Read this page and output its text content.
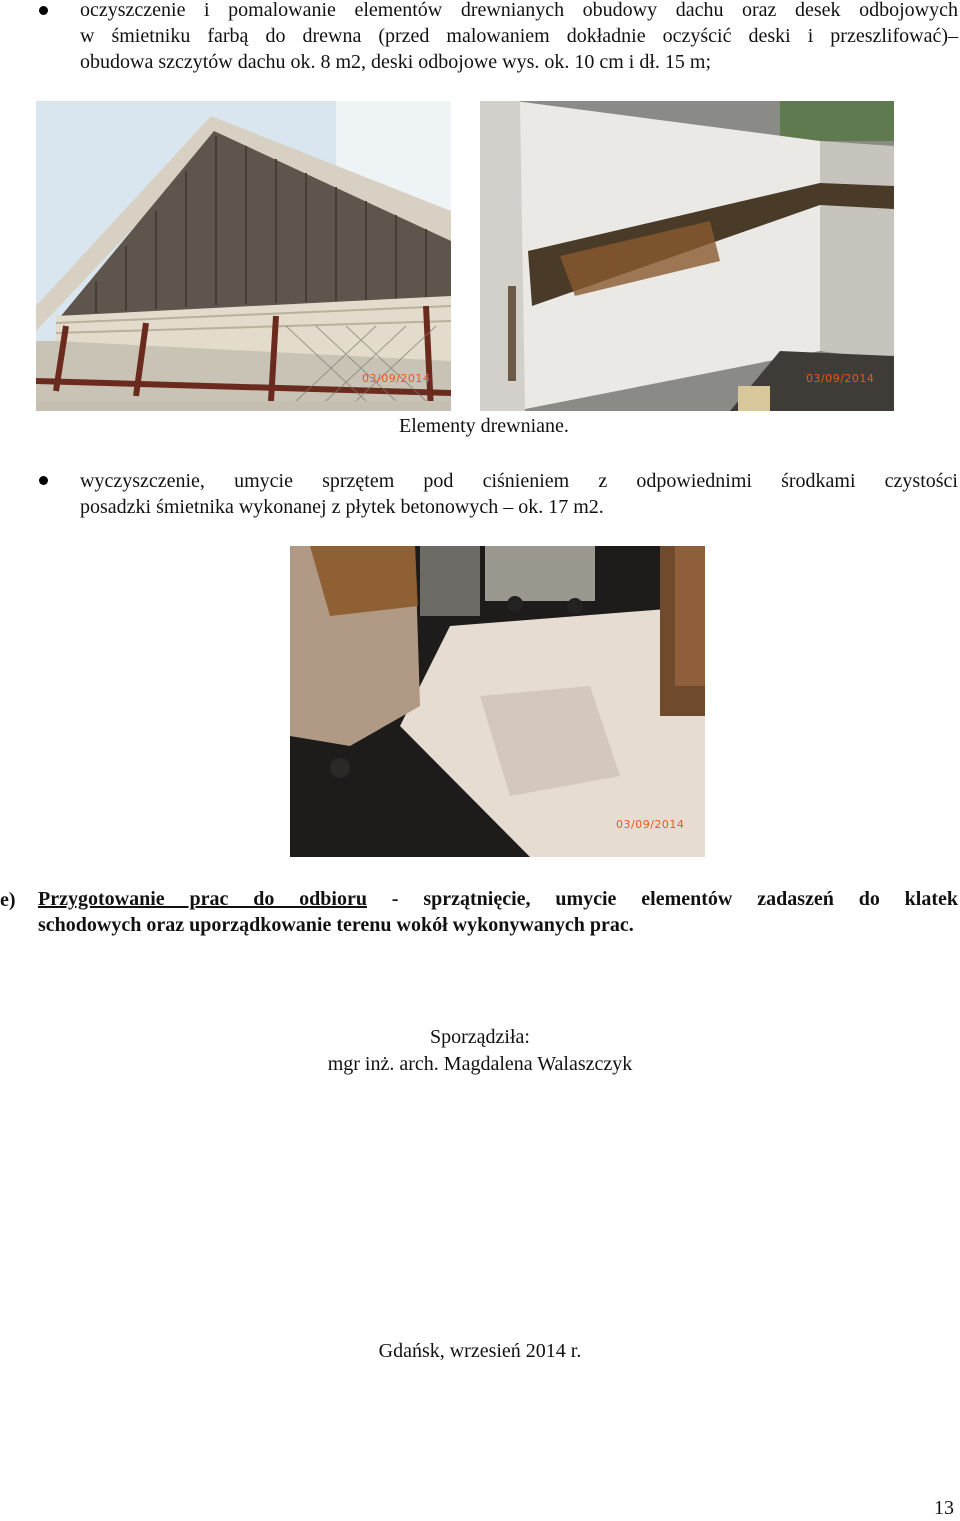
oczyszczenie i pomalowanie elementów drewnianych obudowy dachu oraz desek odbojowych
w śmietniku farbą do drewna (przed malowaniem dokładnie oczyścić deski i przeszlifować)–
obudowa szczytów dachu ok. 8 m2, deski odbojowe wys. ok. 10 cm i dł. 15 m;
03/09/2014	03/09/2014
Elementy drewniane.
wyczyszczenie, umycie sprzętem pod ciśnieniem z odpowiednimi środkami czystości
posadzki śmietnika wykonanej z płytek betonowych – ok. 17 m2.
03/09/2014
e) Przygotowanie prac do odbioru - sprzątnięcie, umycie elementów zadaszeń do klatek
schodowych oraz uporządkowanie terenu wokół wykonywanych prac.
Sporządziła:
mgr inż. arch. Magdalena Walaszczyk
Gdańsk, wrzesień 2014 r.
13
